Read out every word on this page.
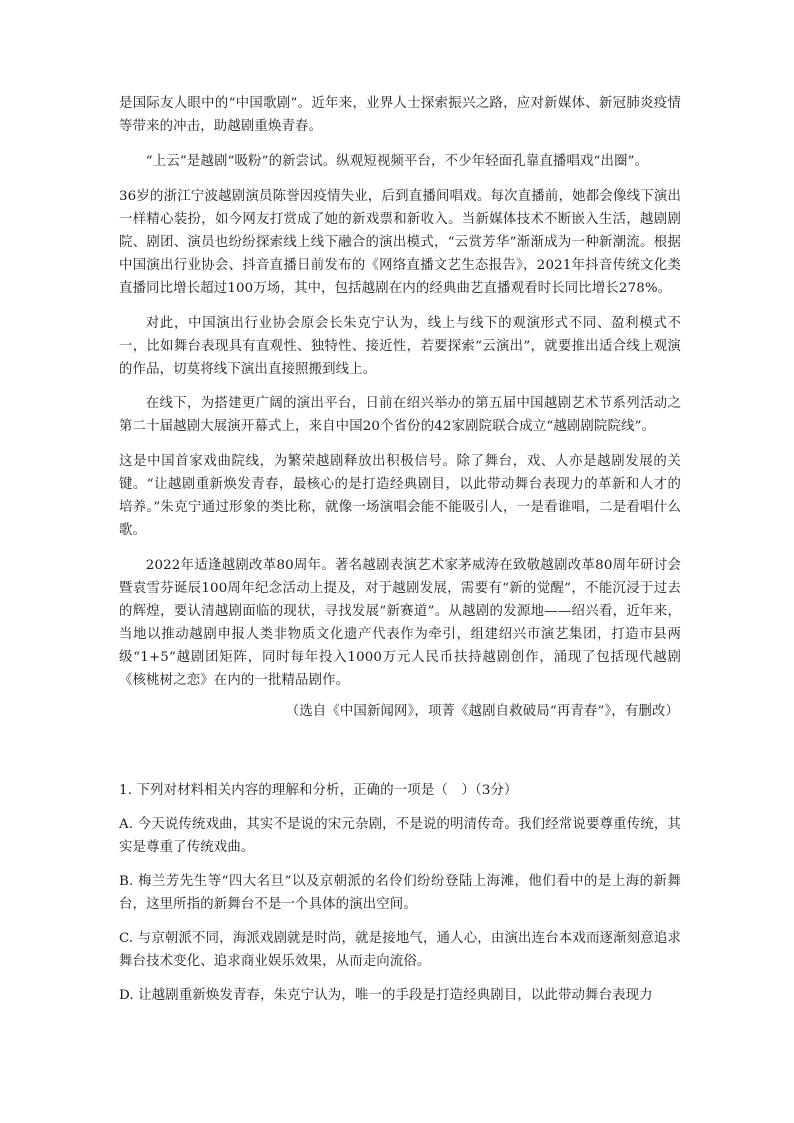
是国际友人眼中的“中国歌剧”。近年来，业界人士探索振兴之路，应对新媒体、新冠肺炎疫情等带来的冲击，助越剧重焕青春。

“上云”是越剧“吸粉”的新尝试。纵观短视频平台，不少年轻面孔靠直播唱戏“出圈”。

36岁的浙江宁波越剧演员陈誉因疫情失业，后到直播间唱戏。每次直播前，她都会像线下演出一样精心装扮，如今网友打赏成了她的新戏票和新收入。当新媒体技术不断嵌入生活，越剧剧院、剧团、演员也纷纷探索线上线下融合的演出模式，“云赏芳华”渐渐成为一种新潮流。根据中国演出行业协会、抖音直播日前发布的《网络直播文艺生态报告》，2021年抖音传统文化类直播同比增长超过100万场，其中，包括越剧在内的经典曲艺直播观看时长同比增长278%。

对此，中国演出行业协会原会长朱克宁认为，线上与线下的观演形式不同、盈利模式不一，比如舞台表现具有直观性、独特性、接近性，若要探索“云演出”，就要推出适合线上观演的作品，切莫将线下演出直接照搬到线上。

在线下，为搭建更广阔的演出平台，日前在绍兴举办的第五届中国越剧艺术节系列活动之第二十届越剧大展演开幕式上，来自中国20个省份的42家剧院联合成立“越剧剧院院线”。

这是中国首家戏曲院线，为繁荣越剧释放出积极信号。除了舞台，戏、人亦是越剧发展的关键。“让越剧重新焕发青春，最核心的是打造经典剧目，以此带动舞台表现力的革新和人才的培养。”朱克宁通过形象的类比称，就像一场演唱会能不能吸引人，一是看谁唱，二是看唱什么歌。

2022年适逢越剧改革80周年。著名越剧表演艺术家茅威涛在致敬越剧改革80周年研讨会暨袁雪芬诞辰100周年纪念活动上提及，对于越剧发展，需要有“新的觉醒”，不能沉浸于过去的辉煌，要认清越剧面临的现状，寻找发展“新赛道”。从越剧的发源地——绍兴看，近年来，当地以推动越剧申报人类非物质文化遗产代表作为牵引，组建绍兴市演艺集团，打造市县两级“1+5”越剧团矩阵，同时每年投入1000万元人民币扶持越剧创作，涌现了包括现代越剧《核桃树之恋》在内的一批精品剧作。

（选自《中国新闻网》，项菁《越剧自救破局“再青春”》，有删改）

1. 下列对材料相关内容的理解和分析，正确的一项是（　）（3分）

A. 今天说传统戏曲，其实不是说的宋元杂剧，不是说的明清传奇。我们经常说要尊重传统，其实是尊重了传统戏曲。

B. 梅兰芳先生等“四大名旦”以及京朝派的名伶们纷纷登陆上海滩，他们看中的是上海的新舞台，这里所指的新舞台不是一个具体的演出空间。

C. 与京朝派不同，海派戏剧就是时尚，就是接地气，通人心，由演出连台本戏而逐渐刻意追求舞台技术变化、追求商业娱乐效果，从而走向流俗。

D. 让越剧重新焕发青春，朱克宁认为，唯一的手段是打造经典剧目，以此带动舞台表现力
